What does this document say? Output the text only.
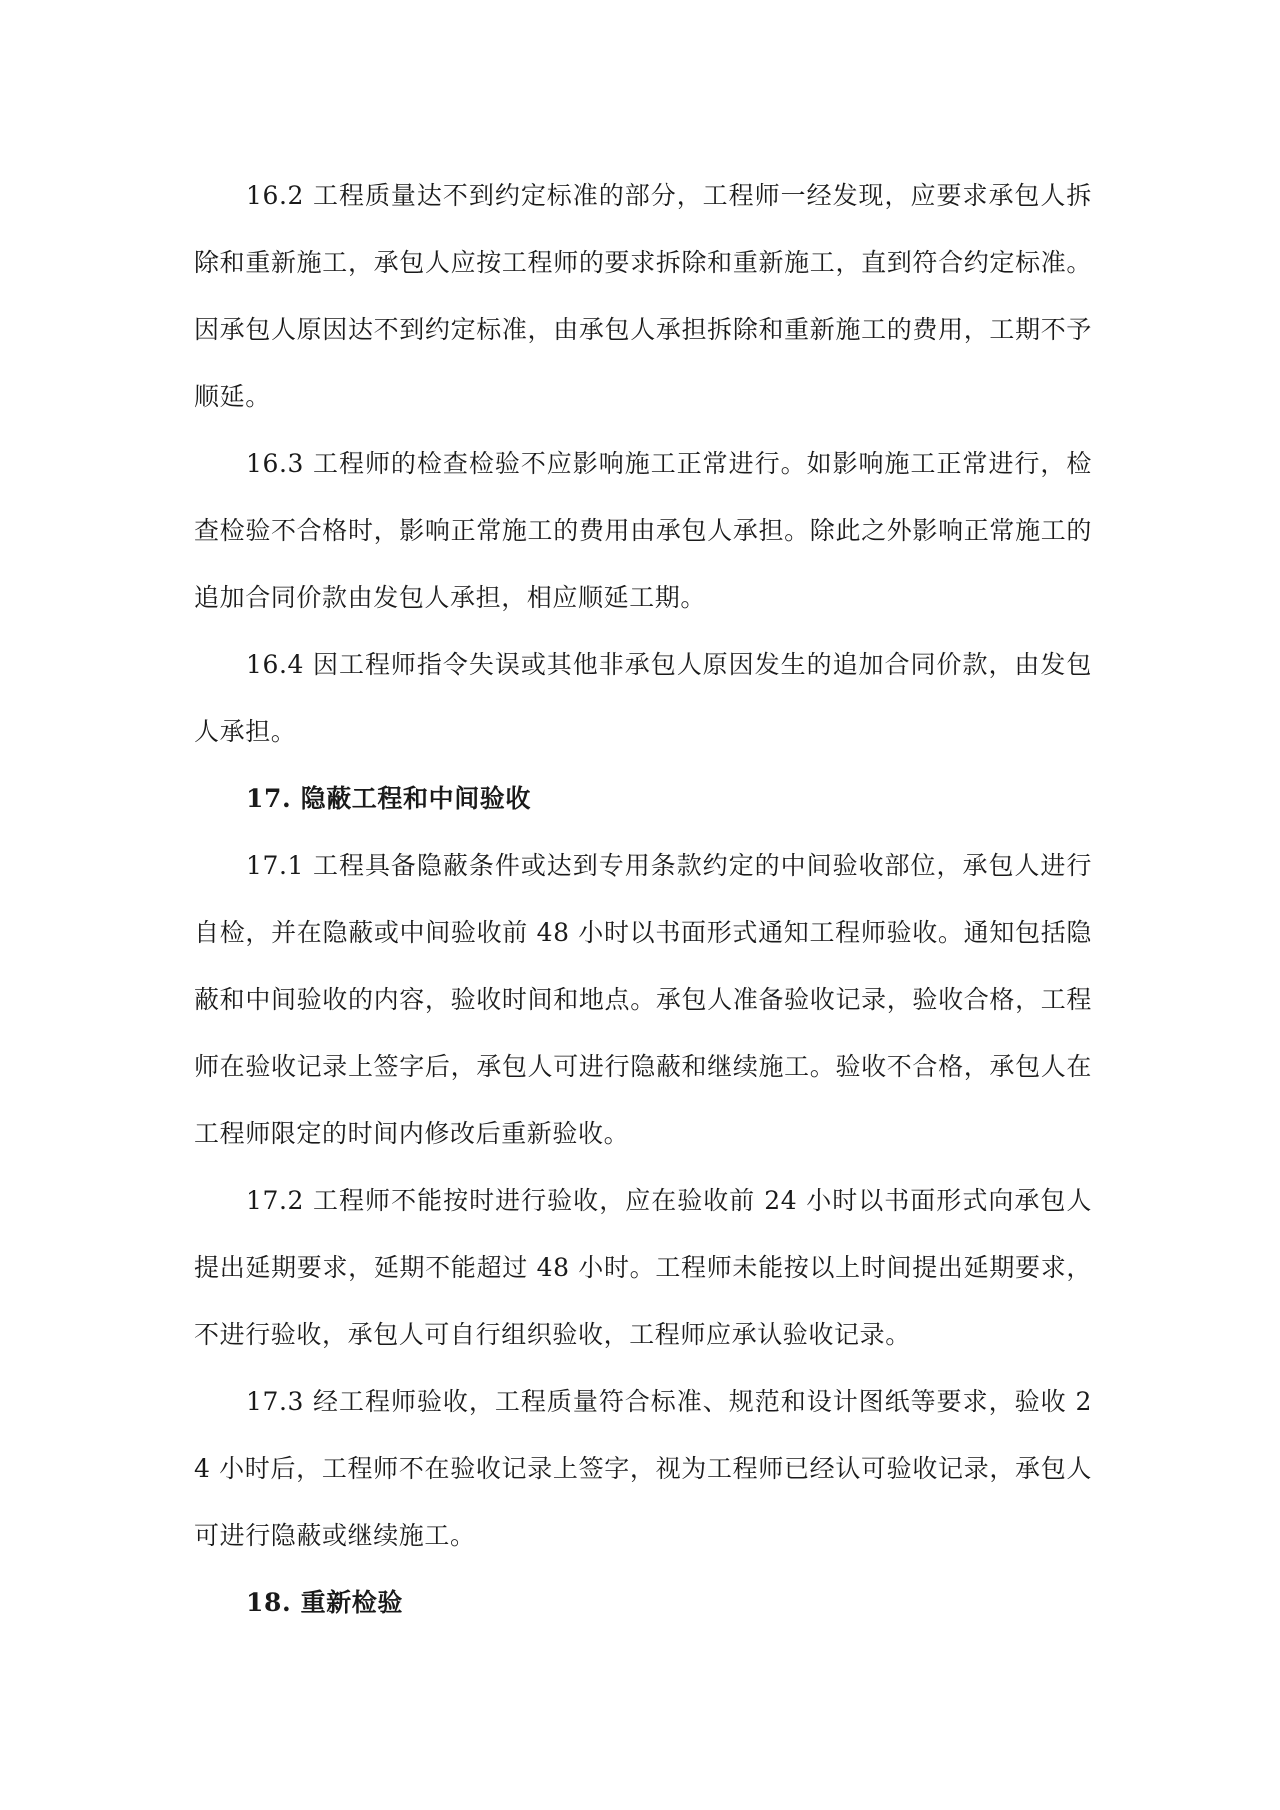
16.2 工程质量达不到约定标准的部分，工程师一经发现，应要求承包人拆除和重新施工，承包人应按工程师的要求拆除和重新施工，直到符合约定标准。因承包人原因达不到约定标准，由承包人承担拆除和重新施工的费用，工期不予顺延。

16.3 工程师的检查检验不应影响施工正常进行。如影响施工正常进行，检查检验不合格时，影响正常施工的费用由承包人承担。除此之外影响正常施工的追加合同价款由发包人承担，相应顺延工期。

16.4 因工程师指令失误或其他非承包人原因发生的追加合同价款，由发包人承担。

17. 隐蔽工程和中间验收

17.1 工程具备隐蔽条件或达到专用条款约定的中间验收部位，承包人进行自检，并在隐蔽或中间验收前 48 小时以书面形式通知工程师验收。通知包括隐蔽和中间验收的内容，验收时间和地点。承包人准备验收记录，验收合格，工程师在验收记录上签字后，承包人可进行隐蔽和继续施工。验收不合格，承包人在工程师限定的时间内修改后重新验收。

17.2 工程师不能按时进行验收，应在验收前 24 小时以书面形式向承包人提出延期要求，延期不能超过 48 小时。工程师未能按以上时间提出延期要求，不进行验收，承包人可自行组织验收，工程师应承认验收记录。

17.3 经工程师验收，工程质量符合标准、规范和设计图纸等要求，验收 24 小时后，工程师不在验收记录上签字，视为工程师已经认可验收记录，承包人可进行隐蔽或继续施工。

18. 重新检验
